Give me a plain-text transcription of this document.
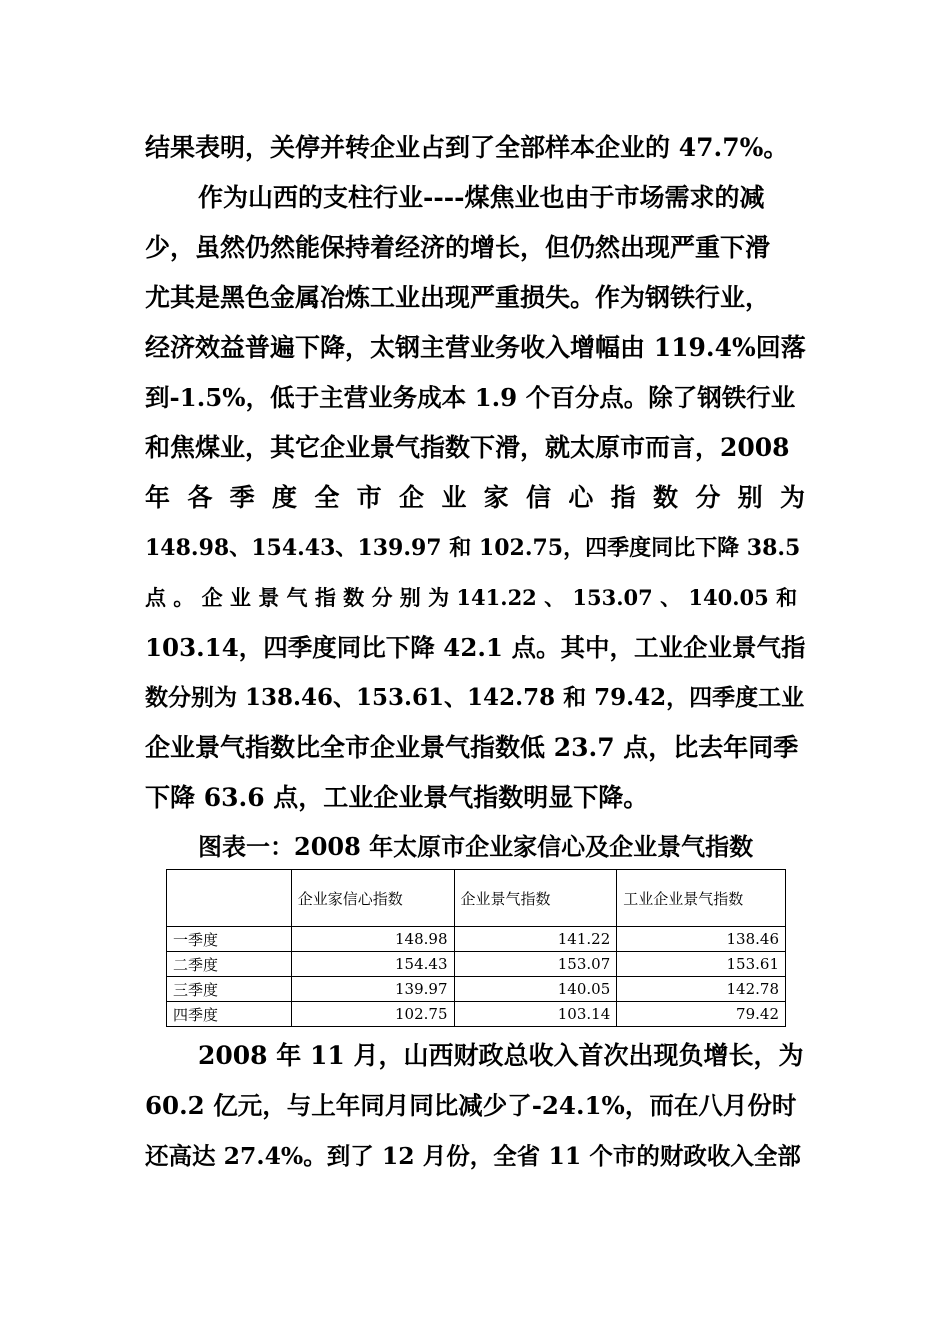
结果表明，关停并转企业占到了全部样本企业的 47.7%。
作为山西的支柱行业----煤焦业也由于市场需求的减
少，虽然仍然能保持着经济的增长，但仍然出现严重下滑
尤其是黑色金属冶炼工业出现严重损失。作为钢铁行业，
经济效益普遍下降，太钢主营业务收入增幅由 119.4%回落
到-1.5%，低于主营业务成本 1.9 个百分点。除了钢铁行业
和焦煤业，其它企业景气指数下滑，就太原市而言，2008
年 各 季 度 全 市 企 业 家 信 心 指 数 分 别 为
148.98、154.43、139.97 和 102.75，四季度同比下降 38.5
点 。 企 业 景 气 指 数 分 别 为 141.22 、 153.07 、 140.05 和
103.14，四季度同比下降 42.1 点。其中，工业企业景气指
数分别为 138.46、153.61、142.78 和 79.42，四季度工业
企业景气指数比全市企业景气指数低 23.7 点，比去年同季
下降 63.6 点，工业企业景气指数明显下降。
图表一：2008 年太原市企业家信心及企业景气指数
	企业家信心指数	企业景气指数	工业企业景气指数
一季度	148.98	141.22	138.46
二季度	154.43	153.07	153.61
三季度	139.97	140.05	142.78
四季度	102.75	103.14	79.42
2008 年 11 月，山西财政总收入首次出现负增长，为
60.2 亿元，与上年同月同比减少了-24.1%，而在八月份时
还高达 27.4%。到了 12 月份，全省 11 个市的财政收入全部
